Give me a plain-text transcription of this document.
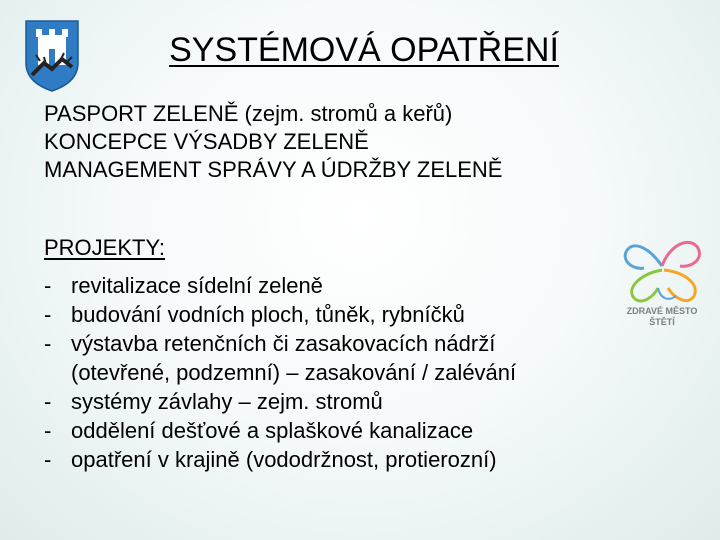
SYSTÉMOVÁ OPATŘENÍ
PASPORT ZELENĚ (zejm. stromů a keřů)
KONCEPCE VÝSADBY ZELENĚ
MANAGEMENT SPRÁVY A ÚDRŽBY ZELENĚ
PROJEKTY:
- revitalizace sídelní zeleně
- budování vodních ploch, tůněk, rybníčků
- výstavba retenčních či zasakovacích nádrží
(otevřené, podzemní) – zasakování / zalévání
- systémy závlahy – zejm. stromů
- oddělení dešťové a splaškové kanalizace
- opatření v krajině (vododržnost, protierozní)
ZDRAVÉ MĚSTO
ŠTĚTÍ
